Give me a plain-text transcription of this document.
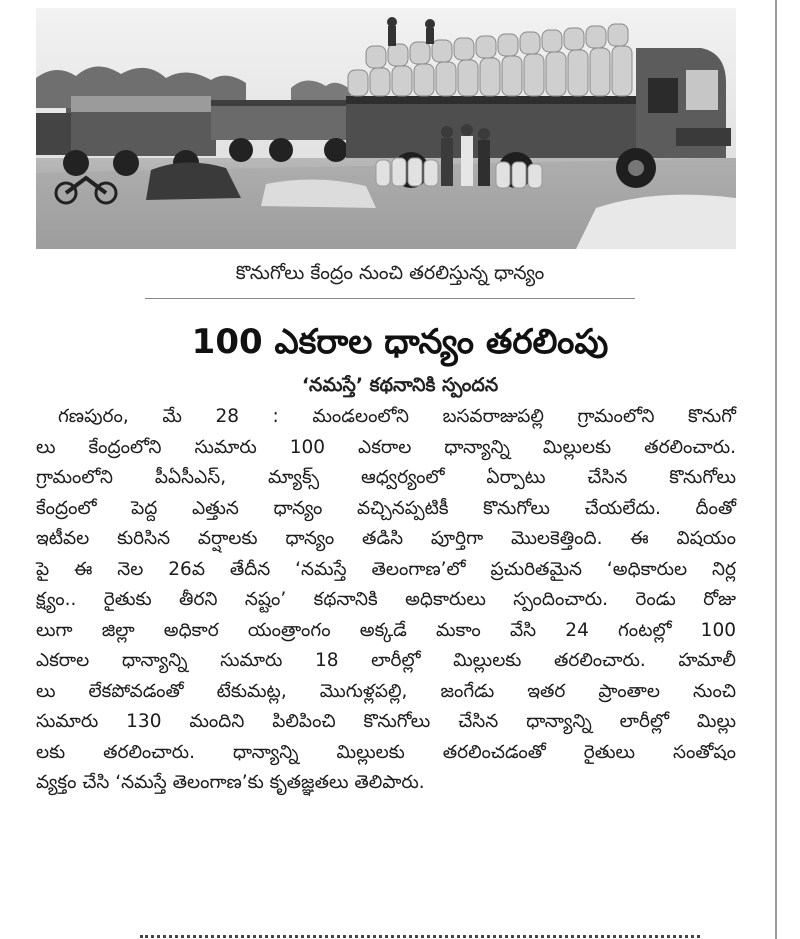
కొనుగోలు కేంద్రం నుంచి తరలిస్తున్న ధాన్యం
100 ఎకరాల ధాన్యం తరలింపు
‘నమస్తే’ కథనానికి స్పందన
గణపురం, మే 28 : మండలంలోని బసవరాజుపల్లి గ్రామంలోని కొనుగో
లు కేంద్రంలోని సుమారు 100 ఎకరాల ధాన్యాన్ని మిల్లులకు తరలించారు.
గ్రామంలోని పీఏసీఎస్, మ్యాక్స్ ఆధ్వర్యంలో ఏర్పాటు చేసిన కొనుగోలు
కేంద్రంలో పెద్ద ఎత్తున ధాన్యం వచ్చినప్పటికీ కొనుగోలు చేయలేదు. దీంతో
ఇటీవల కురిసిన వర్షాలకు ధాన్యం తడిసి పూర్తిగా మొలకెత్తింది. ఈ విషయం
పై ఈ నెల 26వ తేదీన ‘నమస్తే తెలంగాణ’లో ప్రచురితమైన ‘అధికారుల నిర్ల
క్ష్యం.. రైతుకు తీరని నష్టం’ కథనానికి అధికారులు స్పందించారు. రెండు రోజు
లుగా జిల్లా అధికార యంత్రాంగం అక్కడే మకాం వేసి 24 గంటల్లో 100
ఎకరాల ధాన్యాన్ని సుమారు 18 లారీల్లో మిల్లులకు తరలించారు. హమాలీ
లు లేకపోవడంతో టేకుమట్ల, మొగుళ్లపల్లి, జంగేడు ఇతర ప్రాంతాల నుంచి
సుమారు 130 మందిని పిలిపించి కొనుగోలు చేసిన ధాన్యాన్ని లారీల్లో మిల్లు
లకు తరలించారు. ధాన్యాన్ని మిల్లులకు తరలించడంతో రైతులు సంతోషం
వ్యక్తం చేసి ‘నమస్తే తెలంగాణ’కు కృతజ్ఞతలు తెలిపారు.
